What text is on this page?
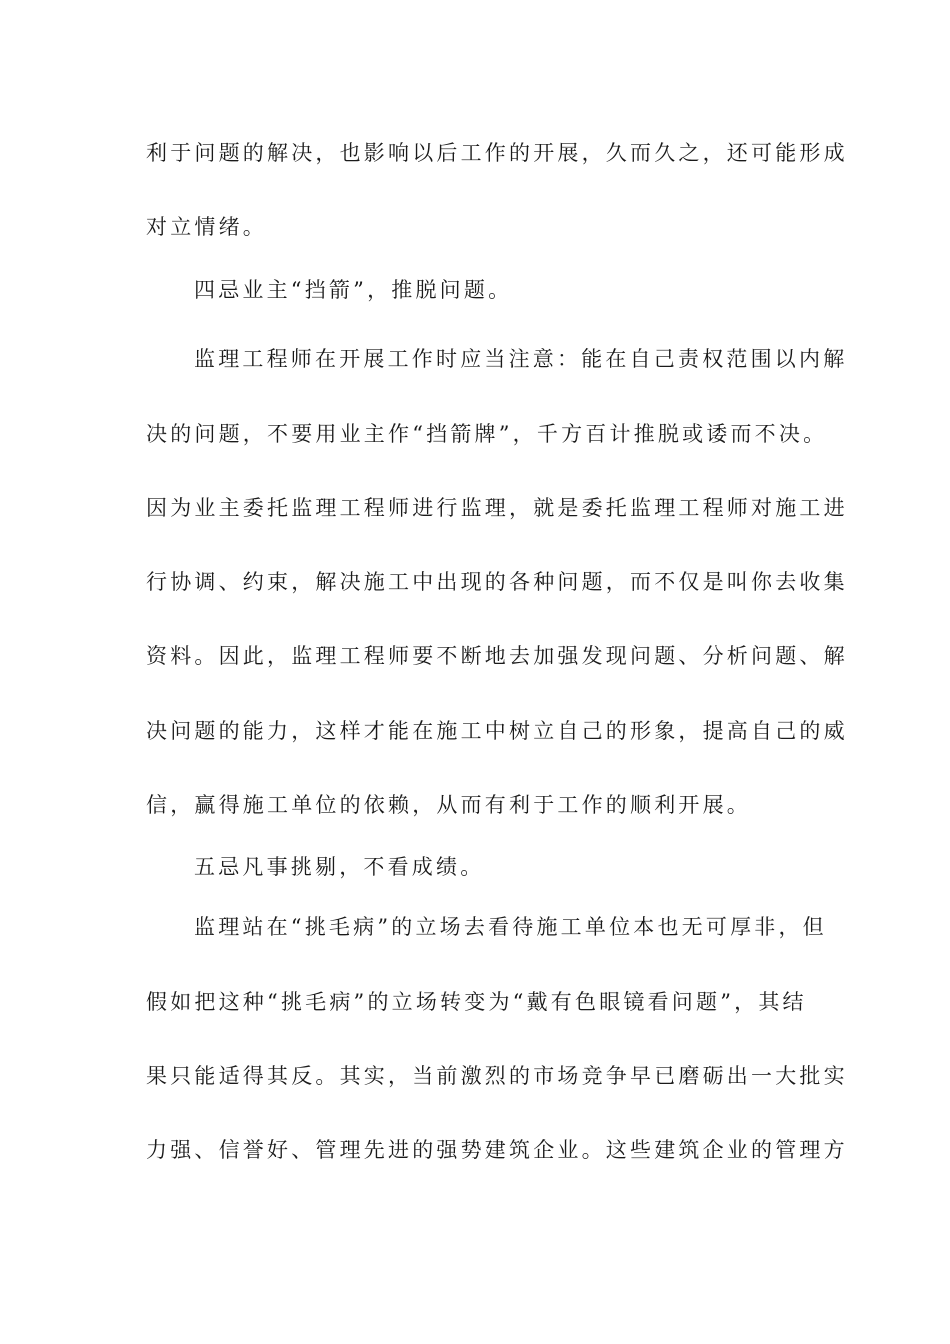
利于问题的解决，也影响以后工作的开展，久而久之，还可能形成
对立情绪。
四忌业主“挡箭”，推脱问题。
监理工程师在开展工作时应当注意：能在自己责权范围以内解
决的问题，不要用业主作“挡箭牌”，千方百计推脱或诿而不决。
因为业主委托监理工程师进行监理，就是委托监理工程师对施工进
行协调、约束，解决施工中出现的各种问题，而不仅是叫你去收集
资料。因此，监理工程师要不断地去加强发现问题、分析问题、解
决问题的能力，这样才能在施工中树立自己的形象，提高自己的威
信，赢得施工单位的依赖，从而有利于工作的顺利开展。
五忌凡事挑剔，不看成绩。
监理站在“挑毛病”的立场去看待施工单位本也无可厚非，但
假如把这种“挑毛病”的立场转变为“戴有色眼镜看问题”，其结
果只能适得其反。其实，当前激烈的市场竞争早已磨砺出一大批实
力强、信誉好、管理先进的强势建筑企业。这些建筑企业的管理方
